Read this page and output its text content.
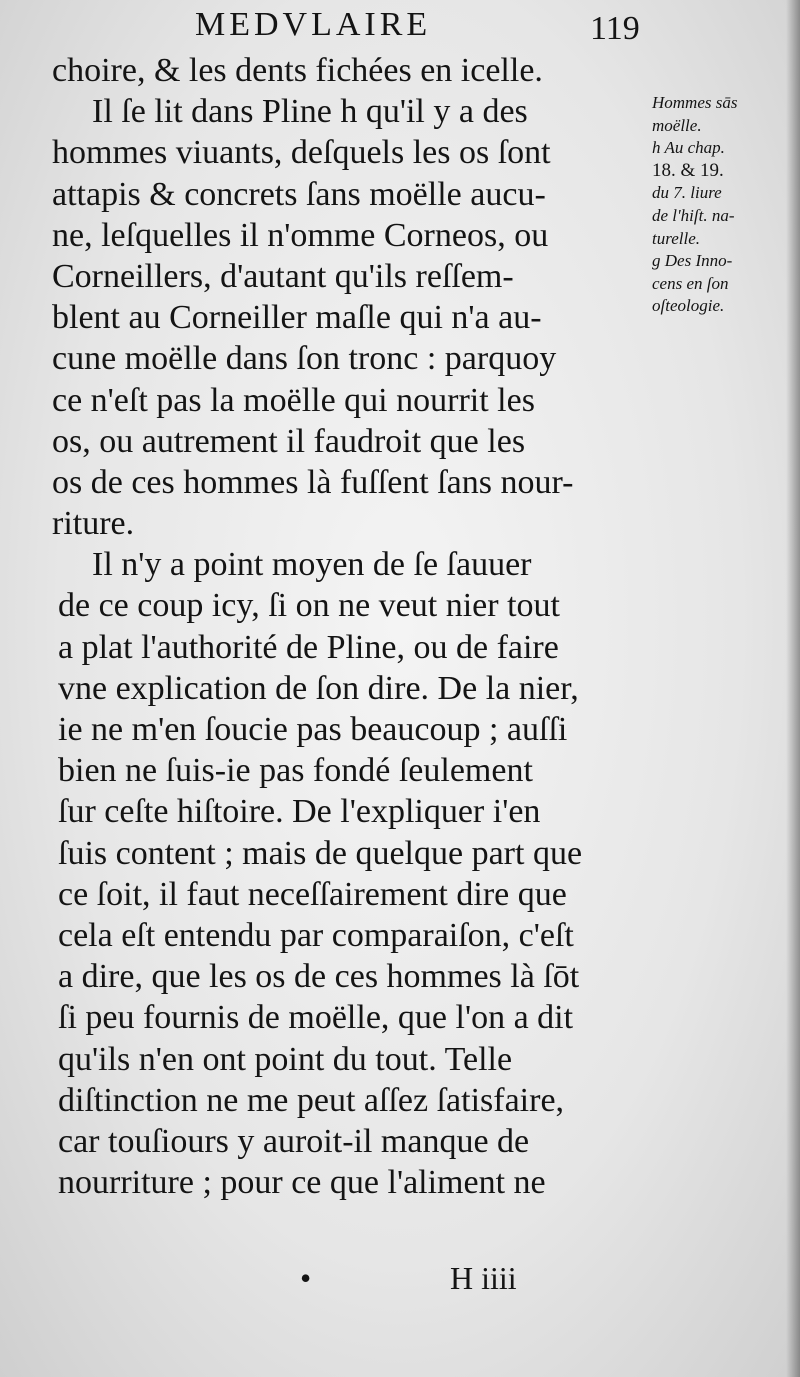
MEDVLAIRE	119
choire, & les dents fichées en icelle.
Il ſe lit dans Pline h qu'il y a des
hommes viuants, deſquels les os ſont
attapis & concrets ſans moëlle aucu-
ne, leſquelles il n'omme Corneos, ou
Corneillers, d'autant qu'ils reſſem-
blent au Corneiller maſle qui n'a au-
cune moëlle dans ſon tronc : parquoy
ce n'eſt pas la moëlle qui nourrit les
os, ou autrement il faudroit que les
os de ces hommes là fuſſent ſans nour-
riture.
Il n'y a point moyen de ſe ſauuer
de ce coup icy, ſi on ne veut nier tout
a plat l'authorité de Pline, ou de faire
vne explication de ſon dire. De la nier,
ie ne m'en ſoucie pas beaucoup ; auſſi
bien ne ſuis-ie pas fondé ſeulement
ſur ceſte hiſtoire. De l'expliquer i'en
ſuis content ; mais de quelque part que
ce ſoit, il faut neceſſairement dire que
cela eſt entendu par comparaiſon, c'eſt
a dire, que les os de ces hommes là ſōt
ſi peu fournis de moëlle, que l'on a dit
qu'ils n'en ont point du tout. Telle
diſtinction ne me peut aſſez ſatisfaire,
car touſiours y auroit-il manque de
nourriture ; pour ce que l'aliment ne
Hommes sās
moëlle.
h Au chap.
18. & 19.
du 7. liure
de l'hiſt. na-
turelle.
g Des Inno-
cens en ſon
oſteologie.
•	H iiii
